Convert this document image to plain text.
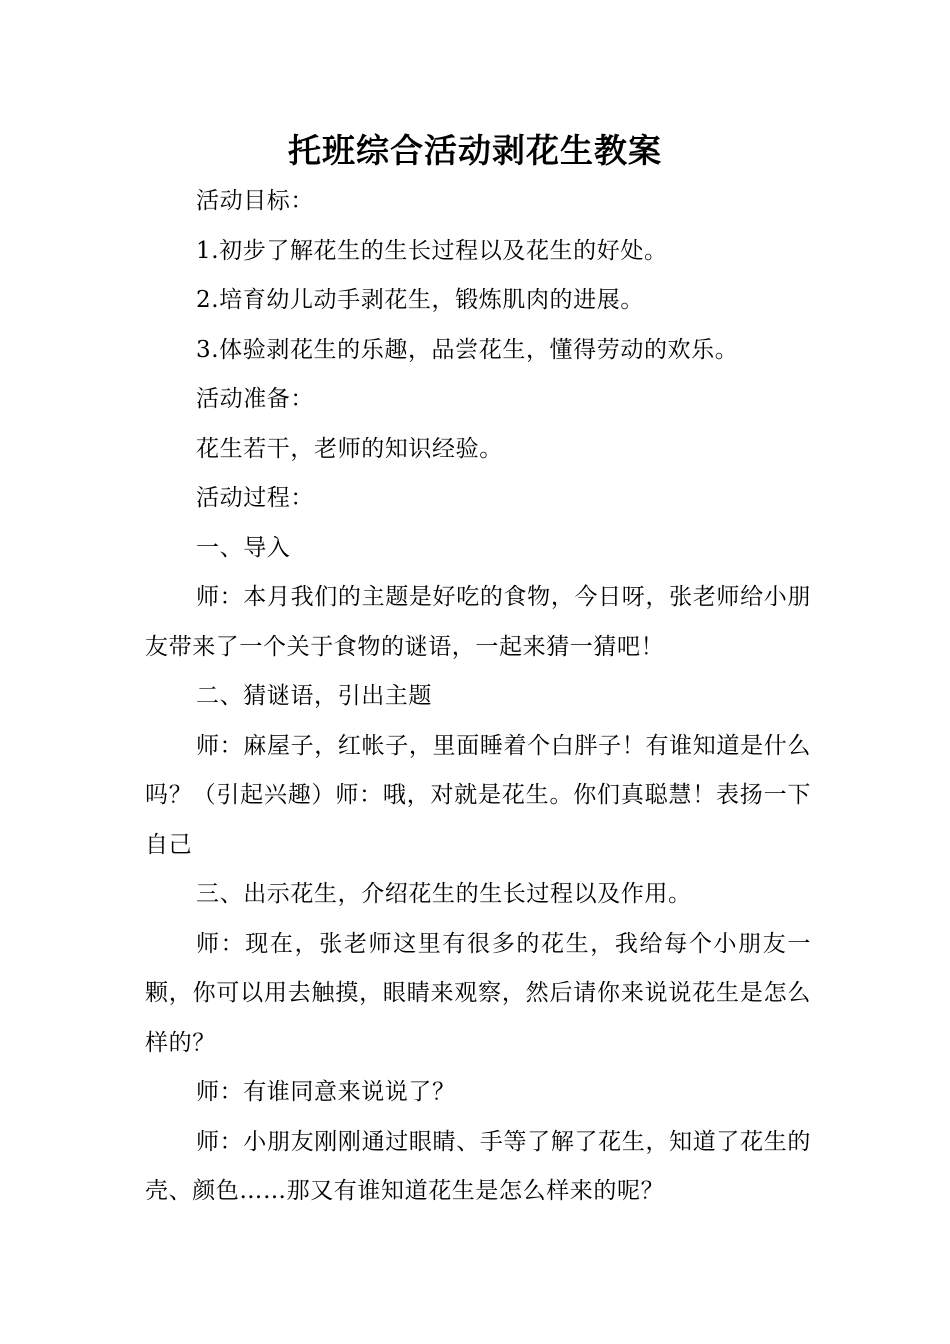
托班综合活动剥花生教案

活动目标：

1.初步了解花生的生长过程以及花生的好处。

2.培育幼儿动手剥花生，锻炼肌肉的进展。

3.体验剥花生的乐趣，品尝花生，懂得劳动的欢乐。

活动准备：

花生若干，老师的知识经验。

活动过程：

一、导入

师：本月我们的主题是好吃的食物，今日呀，张老师给小朋友带来了一个关于食物的谜语，一起来猜一猜吧！

二、猜谜语，引出主题

师：麻屋子，红帐子，里面睡着个白胖子！有谁知道是什么吗？（引起兴趣）师：哦，对就是花生。你们真聪慧！表扬一下自己

三、出示花生，介绍花生的生长过程以及作用。

师：现在，张老师这里有很多的花生，我给每个小朋友一颗，你可以用去触摸，眼睛来观察，然后请你来说说花生是怎么样的？

师：有谁同意来说说了？

师：小朋友刚刚通过眼睛、手等了解了花生，知道了花生的壳、颜色……那又有谁知道花生是怎么样来的呢？
